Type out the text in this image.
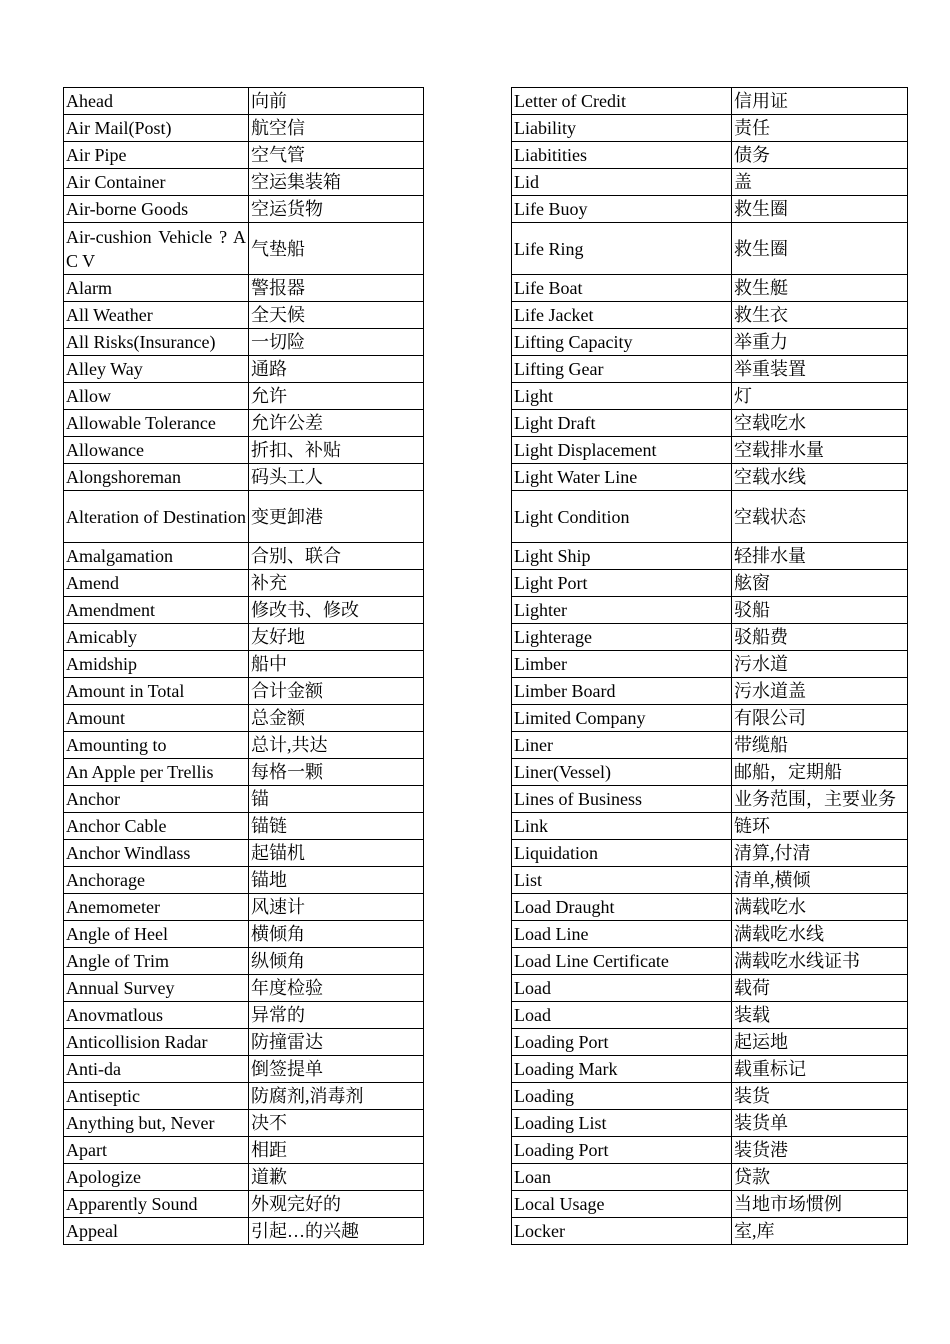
Ahead	向前
Air Mail(Post)	航空信
Air Pipe	空气管
Air Container	空运集装箱
Air-borne Goods	空运货物
Air-cushion Vehicle ? A C V	气垫船
Alarm	警报器
All Weather	全天候
All Risks(Insurance)	一切险
Alley Way	通路
Allow	允许
Allowable Tolerance	允许公差
Allowance	折扣、补贴
Alongshoreman	码头工人
Alteration of Destination	变更卸港
Amalgamation	合别、联合
Amend	补充
Amendment	修改书、修改
Amicably	友好地
Amidship	船中
Amount in Total	合计金额
Amount	总金额
Amounting to	总计,共达
An Apple per Trellis	每格一颗
Anchor	锚
Anchor Cable	锚链
Anchor Windlass	起锚机
Anchorage	锚地
Anemometer	风速计
Angle of Heel	横倾角
Angle of Trim	纵倾角
Annual Survey	年度检验
Anovmatlous	异常的
Anticollision Radar	防撞雷达
Anti-da	倒签提单
Antiseptic	防腐剂,消毒剂
Anything but, Never	决不
Apart	相距
Apologize	道歉
Apparently Sound	外观完好的
Appeal	引起…的兴趣
Letter of Credit	信用证
Liability	责任
Liabitities	债务
Lid	盖
Life Buoy	救生圈
Life Ring	救生圈
Life Boat	救生艇
Life Jacket	救生衣
Lifting Capacity	举重力
Lifting Gear	举重装置
Light	灯
Light Draft	空载吃水
Light Displacement	空载排水量
Light Water Line	空载水线
Light Condition	空载状态
Light Ship	轻排水量
Light Port	舷窗
Lighter	驳船
Lighterage	驳船费
Limber	污水道
Limber Board	污水道盖
Limited Company	有限公司
Liner	带缆船
Liner(Vessel)	邮船，定期船
Lines of Business	业务范围，主要业务
Link	链环
Liquidation	清算,付清
List	清单,横倾
Load Draught	满载吃水
Load Line	满载吃水线
Load Line Certificate	满载吃水线证书
Load	载荷
Load	装载
Loading Port	起运地
Loading Mark	载重标记
Loading	装货
Loading List	装货单
Loading Port	装货港
Loan	贷款
Local Usage	当地市场惯例
Locker	室,库
